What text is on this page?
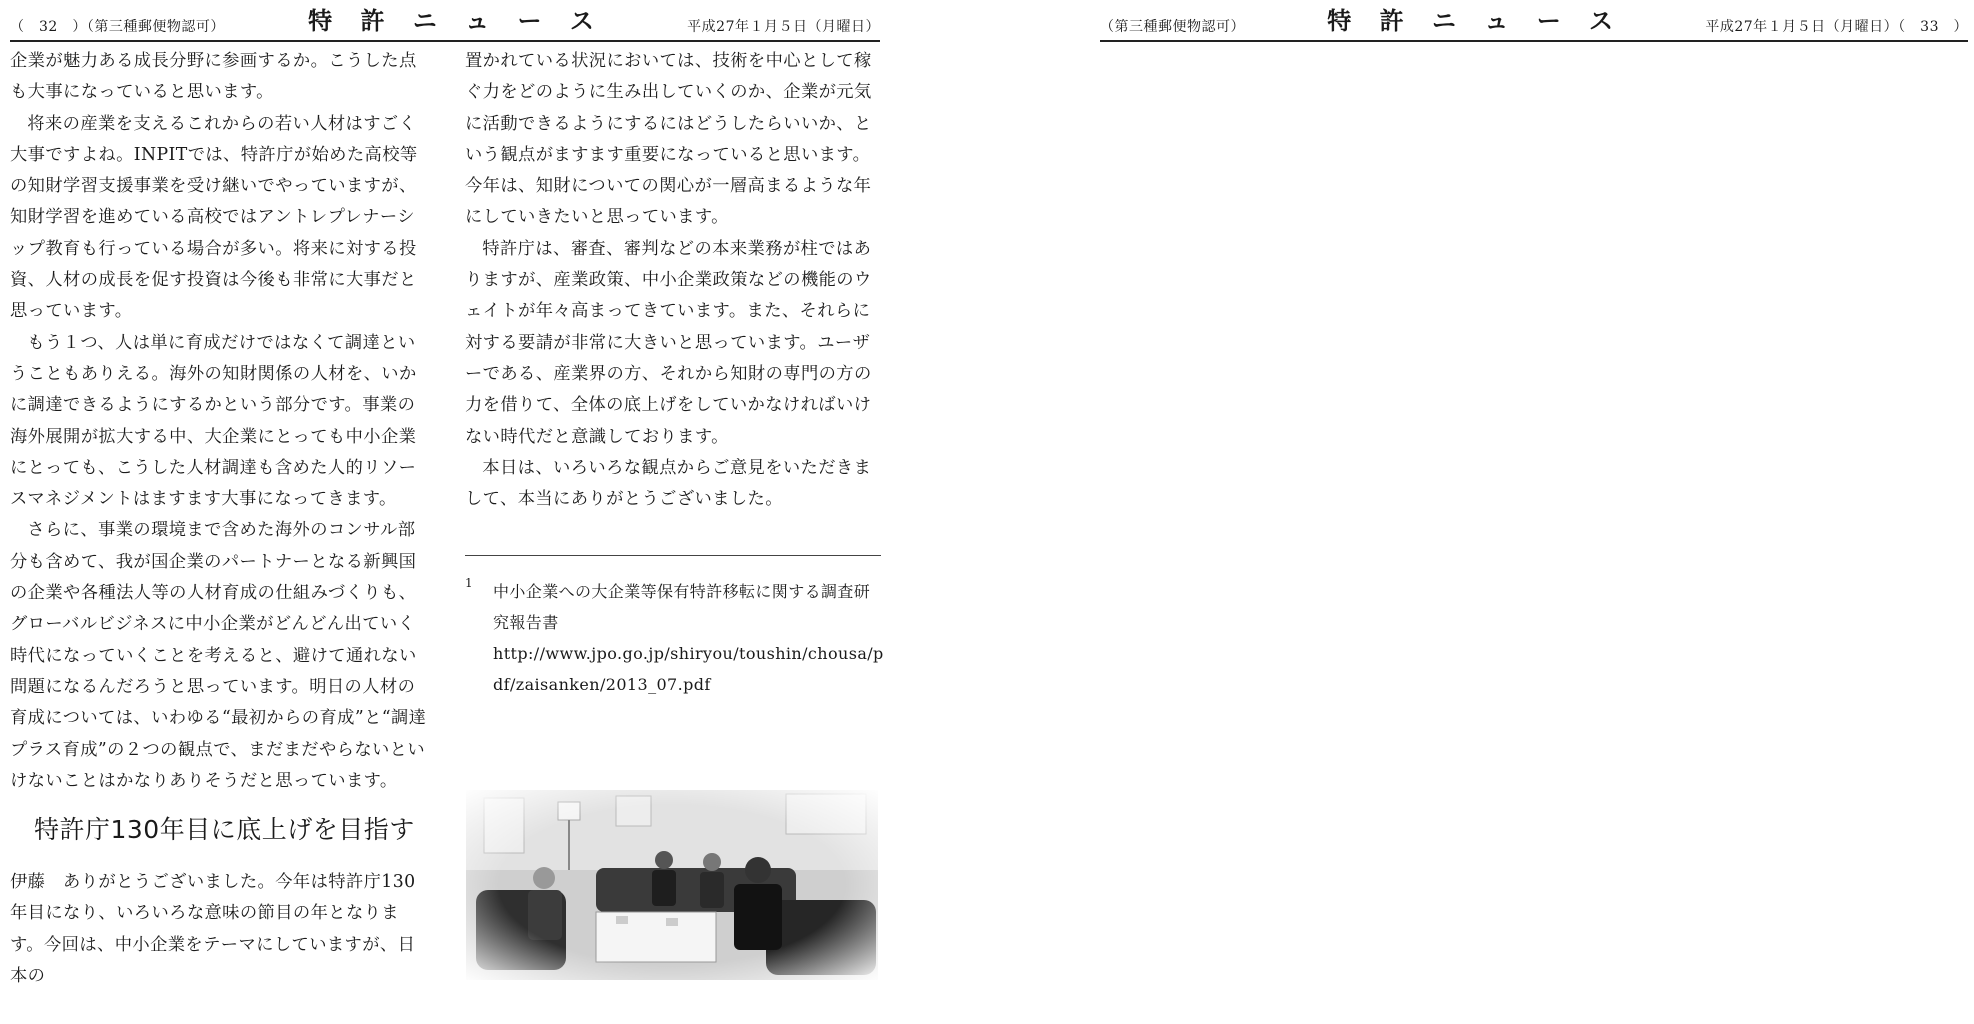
（　32　）（第三種郵便物認可）	特 許 ニ ュ ー ス	平成27年１月５日（月曜日）

企業が魅力ある成長分野に参画するか。こうした点も大事になっていると思います。

将来の産業を支えるこれからの若い人材はすごく大事ですよね。INPITでは、特許庁が始めた高校等の知財学習支援事業を受け継いでやっていますが、知財学習を進めている高校ではアントレプレナーシップ教育も行っている場合が多い。将来に対する投資、人材の成長を促す投資は今後も非常に大事だと思っています。

もう１つ、人は単に育成だけではなくて調達ということもありえる。海外の知財関係の人材を、いかに調達できるようにするかという部分です。事業の海外展開が拡大する中、大企業にとっても中小企業にとっても、こうした人材調達も含めた人的リソースマネジメントはますます大事になってきます。

さらに、事業の環境まで含めた海外のコンサル部分も含めて、我が国企業のパートナーとなる新興国の企業や各種法人等の人材育成の仕組みづくりも、グローバルビジネスに中小企業がどんどん出ていく時代になっていくことを考えると、避けて通れない問題になるんだろうと思っています。明日の人材の育成については、いわゆる“最初からの育成”と“調達プラス育成”の２つの観点で、まだまだやらないといけないことはかなりありそうだと思っています。

特許庁130年目に底上げを目指す

伊藤　ありがとうございました。今年は特許庁130年目になり、いろいろな意味の節目の年となります。今回は、中小企業をテーマにしていますが、日本の

置かれている状況においては、技術を中心として稼ぐ力をどのように生み出していくのか、企業が元気に活動できるようにするにはどうしたらいいか、という観点がますます重要になっていると思います。今年は、知財についての関心が一層高まるような年にしていきたいと思っています。

特許庁は、審査、審判などの本来業務が柱ではありますが、産業政策、中小企業政策などの機能のウェイトが年々高まってきています。また、それらに対する要請が非常に大きいと思っています。ユーザーである、産業界の方、それから知財の専門の方の力を借りて、全体の底上げをしていかなければいけない時代だと意識しております。

本日は、いろいろな観点からご意見をいただきまして、本当にありがとうございました。

1	中小企業への大企業等保有特許移転に関する調査研究報告書
http://www.jpo.go.jp/shiryou/toushin/chousa/pdf/zaisanken/2013_07.pdf
（第三種郵便物認可）	特 許 ニ ュ ー ス	平成27年１月５日（月曜日）（　33　）
